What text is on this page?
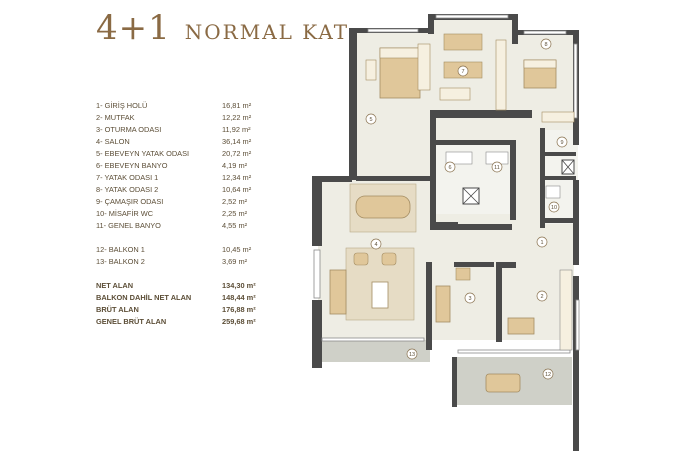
4+1 NORMAL KAT
1- GİRİŞ HOLÜ	16,81 m²
2- MUTFAK	12,22 m²
3- OTURMA ODASI	11,92 m²
4- SALON	36,14 m²
5- EBEVEYN YATAK ODASI	20,72 m²
6- EBEVEYN BANYO	4,19 m²
7- YATAK ODASI 1	12,34 m²
8- YATAK ODASI 2	10,64 m²
9- ÇAMAŞIR ODASI	2,52 m²
10- MİSAFİR WC	2,25 m²
11- GENEL BANYO	4,55 m²
12- BALKON 1	10,45 m²
13- BALKON 2	3,69 m²
NET ALAN	134,30 m²
BALKON DAHİL NET ALAN	148,44 m²
BRÜT ALAN	176,88 m²
GENEL BRÜT ALAN	259,68 m²
1
2
3
4
5
6
7
8
9
10
11
12
13
